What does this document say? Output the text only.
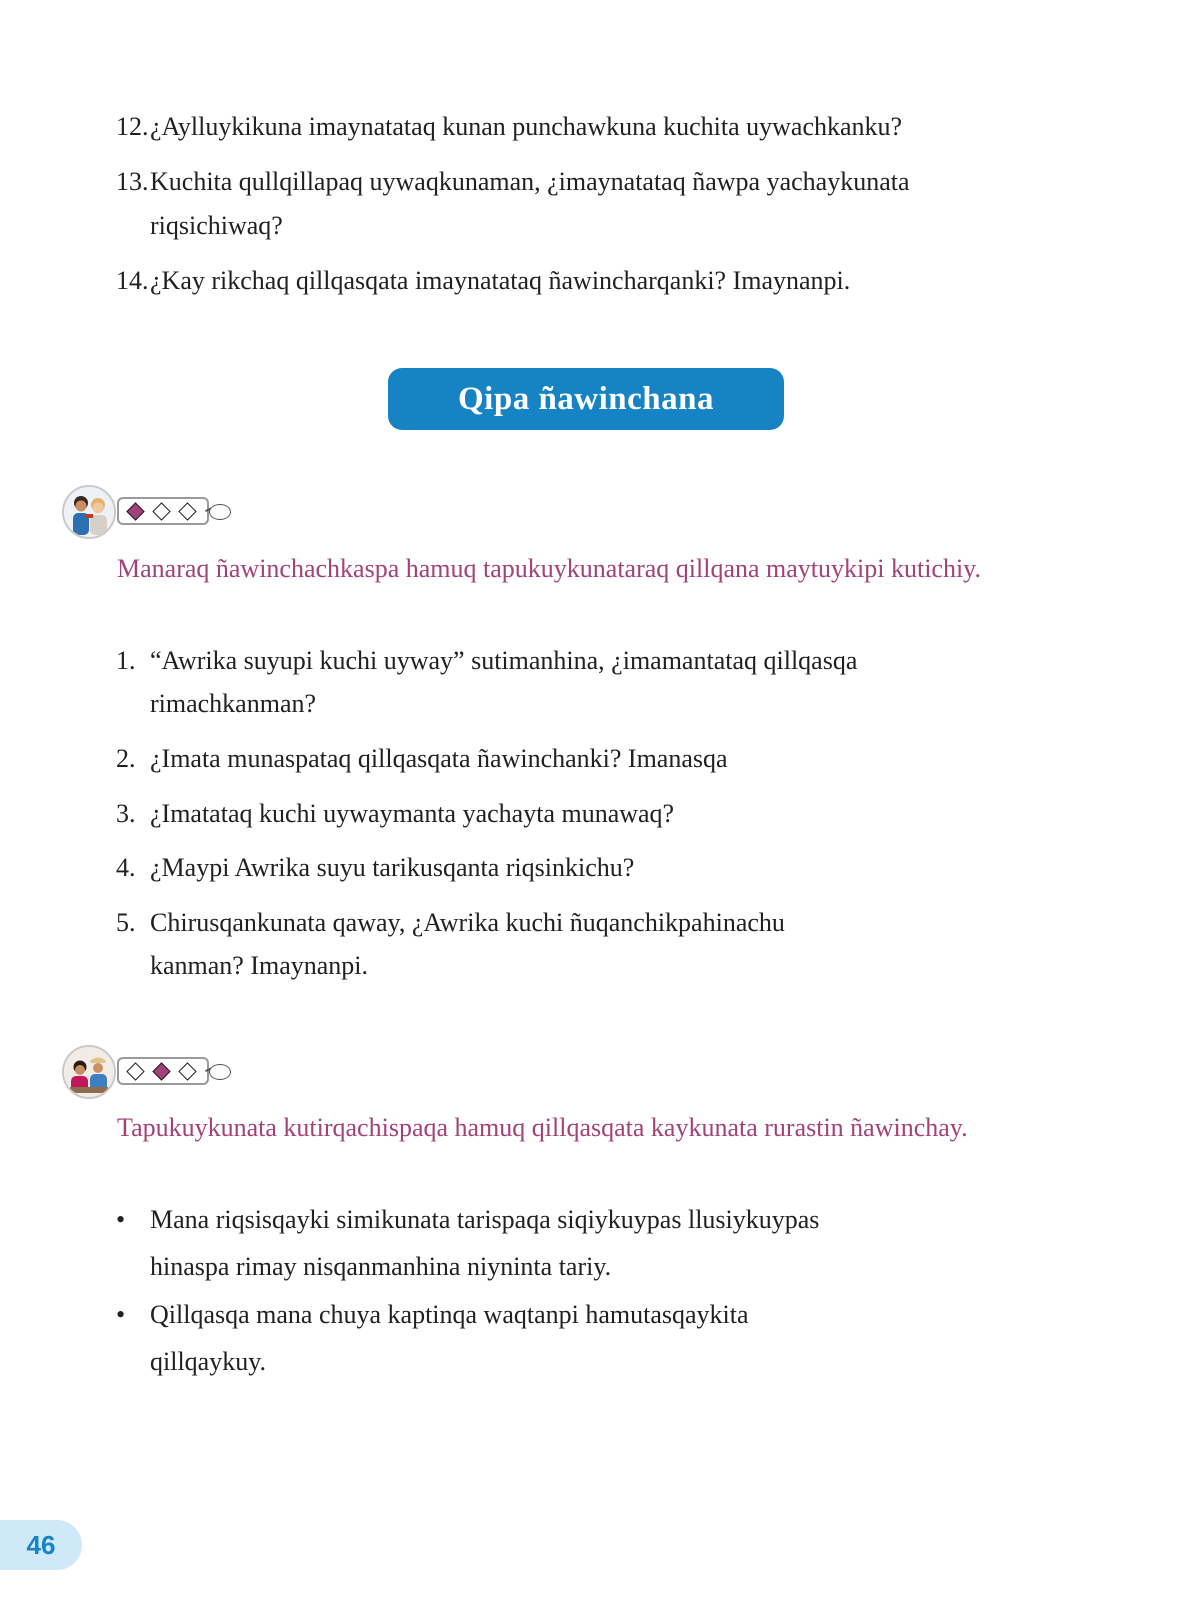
12. ¿Aylluykikuna imaynatataq kunan punchawkuna kuchita uywachkanku?
13. Kuchita qullqillapaq uywaqkunaman, ¿imaynatataq ñawpa yachaykunata
riqsichiwaq?
14. ¿Kay rikchaq qillqasqata imaynatataq ñawincharqanki? Imaynanpi.
Qipa ñawinchana
Manaraq ñawinchachkaspa hamuq tapukuykunataraq qillqana maytuykipi kutichiy.
1. “Awrika suyupi kuchi uyway” sutimanhina, ¿imamantataq qillqasqa
rimachkanman?
2. ¿Imata munaspataq qillqasqata ñawinchanki? Imanasqa
3. ¿Imatataq kuchi uywaymanta yachayta munawaq?
4. ¿Maypi Awrika suyu tarikusqanta riqsinkichu?
5. Chirusqankunata qaway, ¿Awrika kuchi ñuqanchikpahinachu
kanman? Imaynanpi.
Tapukuykunata kutirqachispaqa hamuq qillqasqata kaykunata rurastin ñawinchay.
• Mana riqsisqayki simikunata tarispaqa siqiykuypas llusiykuypas
hinaspa rimay nisqanmanhina niyninta tariy.
• Qillqasqa mana chuya kaptinqa waqtanpi hamutasqaykita
qillqaykuy.
46
